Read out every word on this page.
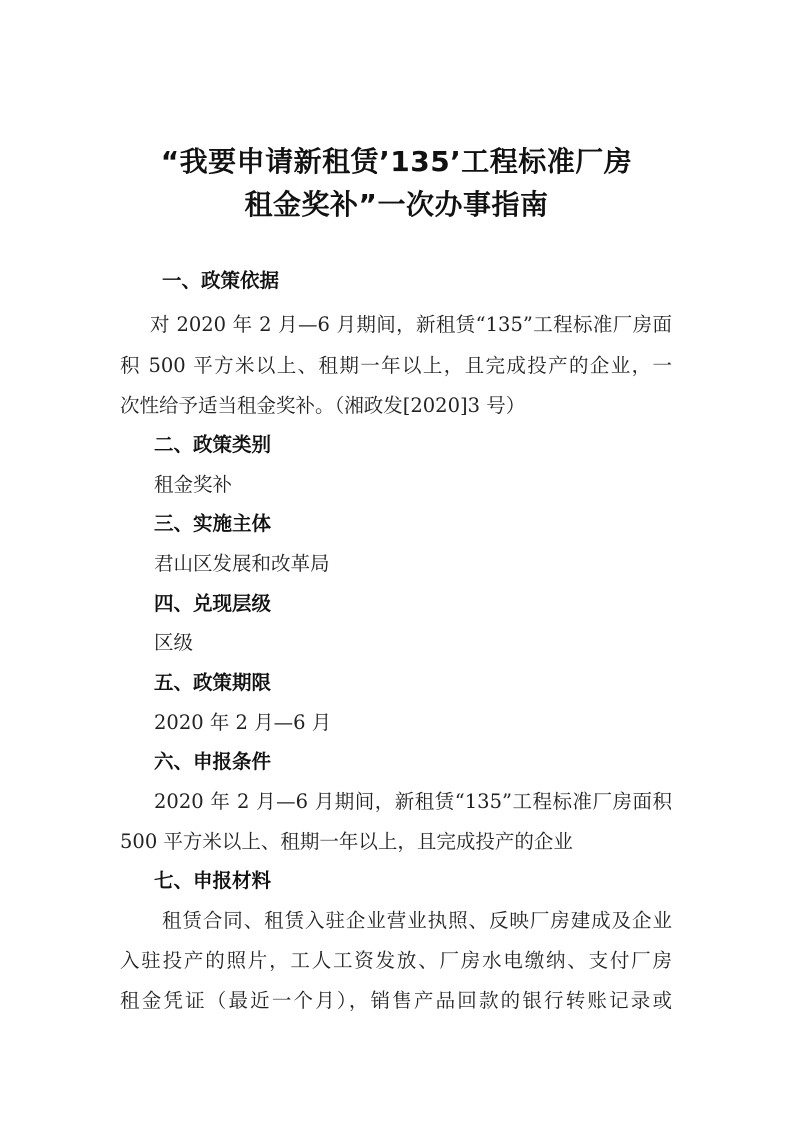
“我要申请新租赁’135’工程标准厂房
租金奖补”一次办事指南
一、政策依据

对 2020 年 2 月—6 月期间，新租赁“135”工程标准厂房面

积 500 平方米以上、租期一年以上，且完成投产的企业，一

次性给予适当租金奖补。（湘政发[2020]3 号）

二、政策类别

租金奖补

三、实施主体

君山区发展和改革局

四、兑现层级

区级

五、政策期限

2020 年 2 月—6 月

六、申报条件

2020 年 2 月—6 月期间，新租赁“135”工程标准厂房面积

500 平方米以上、租期一年以上，且完成投产的企业

七、申报材料

租赁合同、租赁入驻企业营业执照、反映厂房建成及企业

入驻投产的照片，工人工资发放、厂房水电缴纳、支付厂房

租金凭证（最近一个月），销售产品回款的银行转账记录或
